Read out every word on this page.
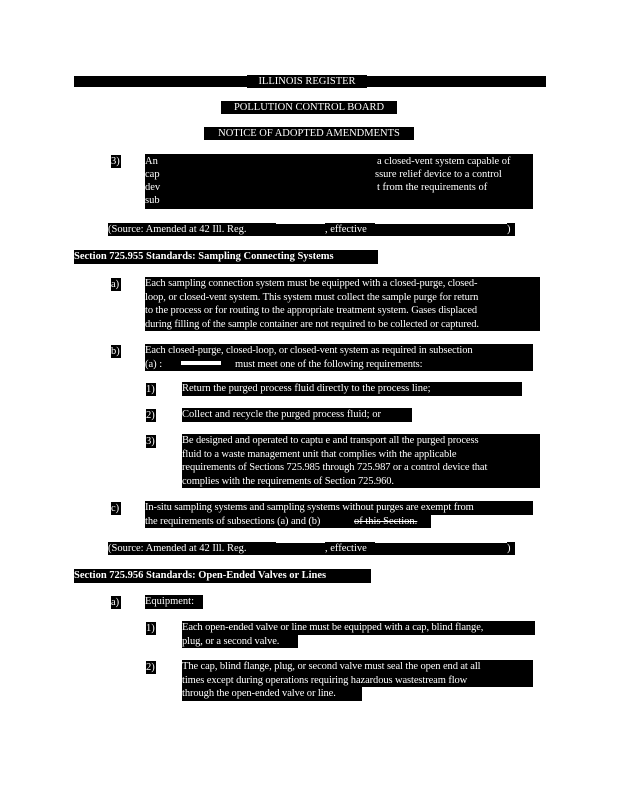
ILLINOIS REGISTER
POLLUTION CONTROL BOARD
NOTICE OF ADOPTED AMENDMENTS
3) An	a closed-vent system capable of
cap	ssure relief device to a control
dev	t from the requirements of
sub
(Source: Amended at 42 Ill. Reg.	, effective	)
Section 725.955 Standards: Sampling Connecting Systems
a) Each sampling connection system must be equipped with a closed-purge, closed-
loop, or closed-vent system. This system must collect the sample purge for return
to the process or for routing to the appropriate treatment system. Gases displaced
during filling of the sample container are not required to be collected or captured.
b) Each closed-purge, closed-loop, or closed-vent system as required in subsection
(a) :	must meet one of the following requirements:
1)	Return the purged process fluid directly to the process line;
2)	Collect and recycle the purged process fluid; or
3)	Be designed and operated to captu e and transport all the purged process
fluid to a waste management unit that complies with the applicable
requirements of Sections 725.985 through 725.987 or a control device that
complies with the requirements of Section 725.960.
c) In-situ sampling systems and sampling systems without purges are exempt from
the requirements of subsections (a) and (b)	of this Section.
(Source: Amended at 42 Ill. Reg.	, effective	)
Section 725.956 Standards: Open-Ended Valves or Lines
a) Equipment:
1)	Each open-ended valve or line must be equipped with a cap, blind flange,
plug, or a second valve.
2)	The cap, blind flange, plug, or second valve must seal the open end at all
times except during operations requiring hazardous wastestream flow
through the open-ended valve or line.
